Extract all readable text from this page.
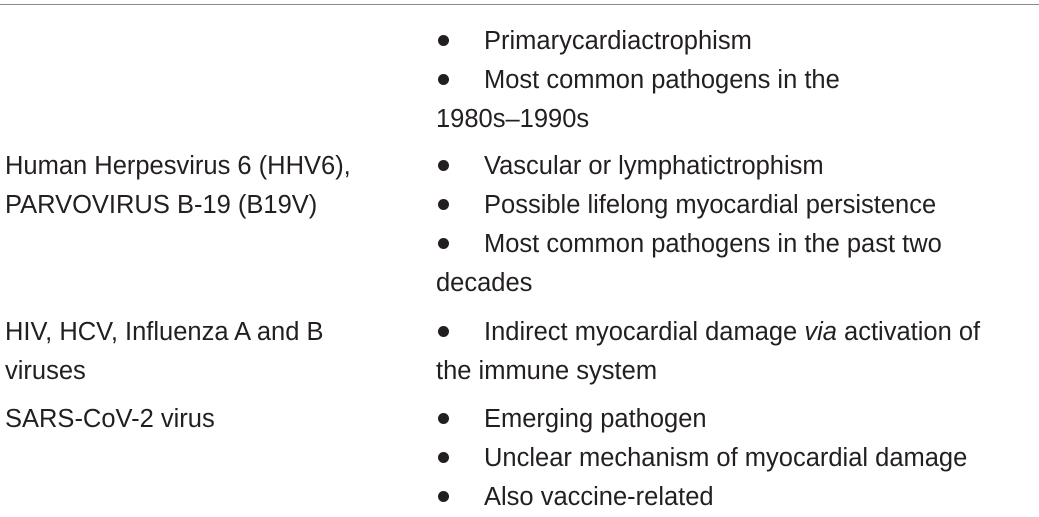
Primarycardiactrophism
Most common pathogens in the
1980s–1990s
Human Herpesvirus 6 (HHV6),
PARVOVIRUS B-19 (B19V)
Vascular or lymphatictrophism
Possible lifelong myocardial persistence
Most common pathogens in the past two
decades
HIV, HCV, Influenza A and B
viruses
Indirect myocardial damage via activation of
the immune system
SARS-CoV-2 virus	Emerging pathogen
Unclear mechanism of myocardial damage
Also vaccine-related
